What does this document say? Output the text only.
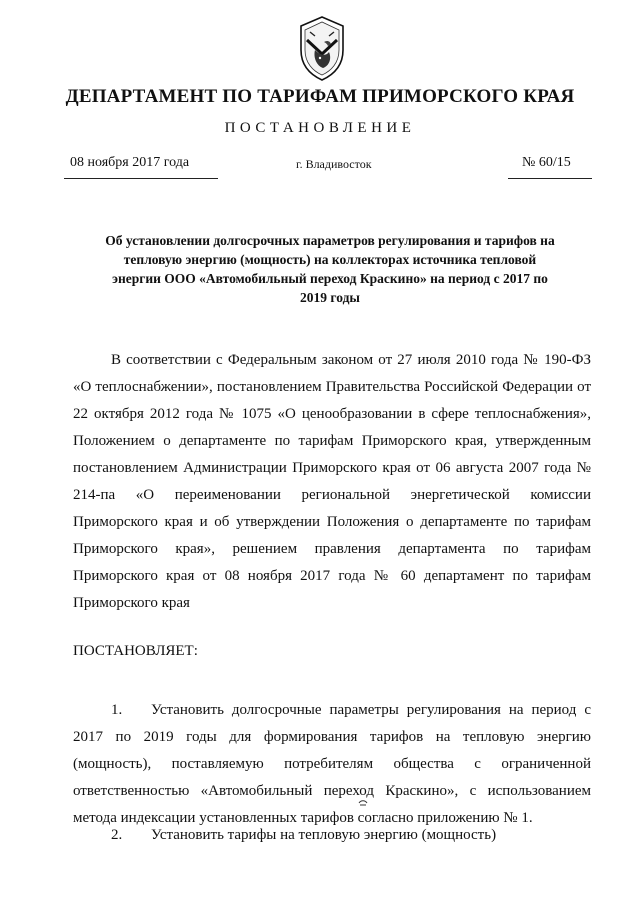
ДЕПАРТАМЕНТ ПО ТАРИФАМ ПРИМОРСКОГО КРАЯ
ПОСТАНОВЛЕНИЕ
08 ноября 2017 года	г. Владивосток	№ 60/15
Об установлении долгосрочных параметров регулирования и тарифов на тепловую энергию (мощность) на коллекторах источника тепловой энергии ООО «Автомобильный переход Краскино» на период с 2017 по 2019 годы
В соответствии с Федеральным законом от 27 июля 2010 года № 190-ФЗ «О теплоснабжении», постановлением Правительства Российской Федерации от 22 октября 2012 года № 1075 «О ценообразовании в сфере теплоснабжения», Положением о департаменте по тарифам Приморского края, утвержденным постановлением Администрации Приморского края от 06 августа 2007 года № 214-па «О переименовании региональной энергетической комиссии Приморского края и об утверждении Положения о департаменте по тарифам Приморского края», решением правления департамента по тарифам Приморского края от 08 ноября 2017 года № 60 департамент по тарифам Приморского края
ПОСТАНОВЛЯЕТ:
1. Установить долгосрочные параметры регулирования на период с 2017 по 2019 годы для формирования тарифов на тепловую энергию (мощность), поставляемую потребителям общества с ограниченной ответственностью «Автомобильный переход Краскино», с использованием метода индексации установленных тарифов согласно приложению № 1.
2. Установить тарифы на тепловую энергию (мощность)
